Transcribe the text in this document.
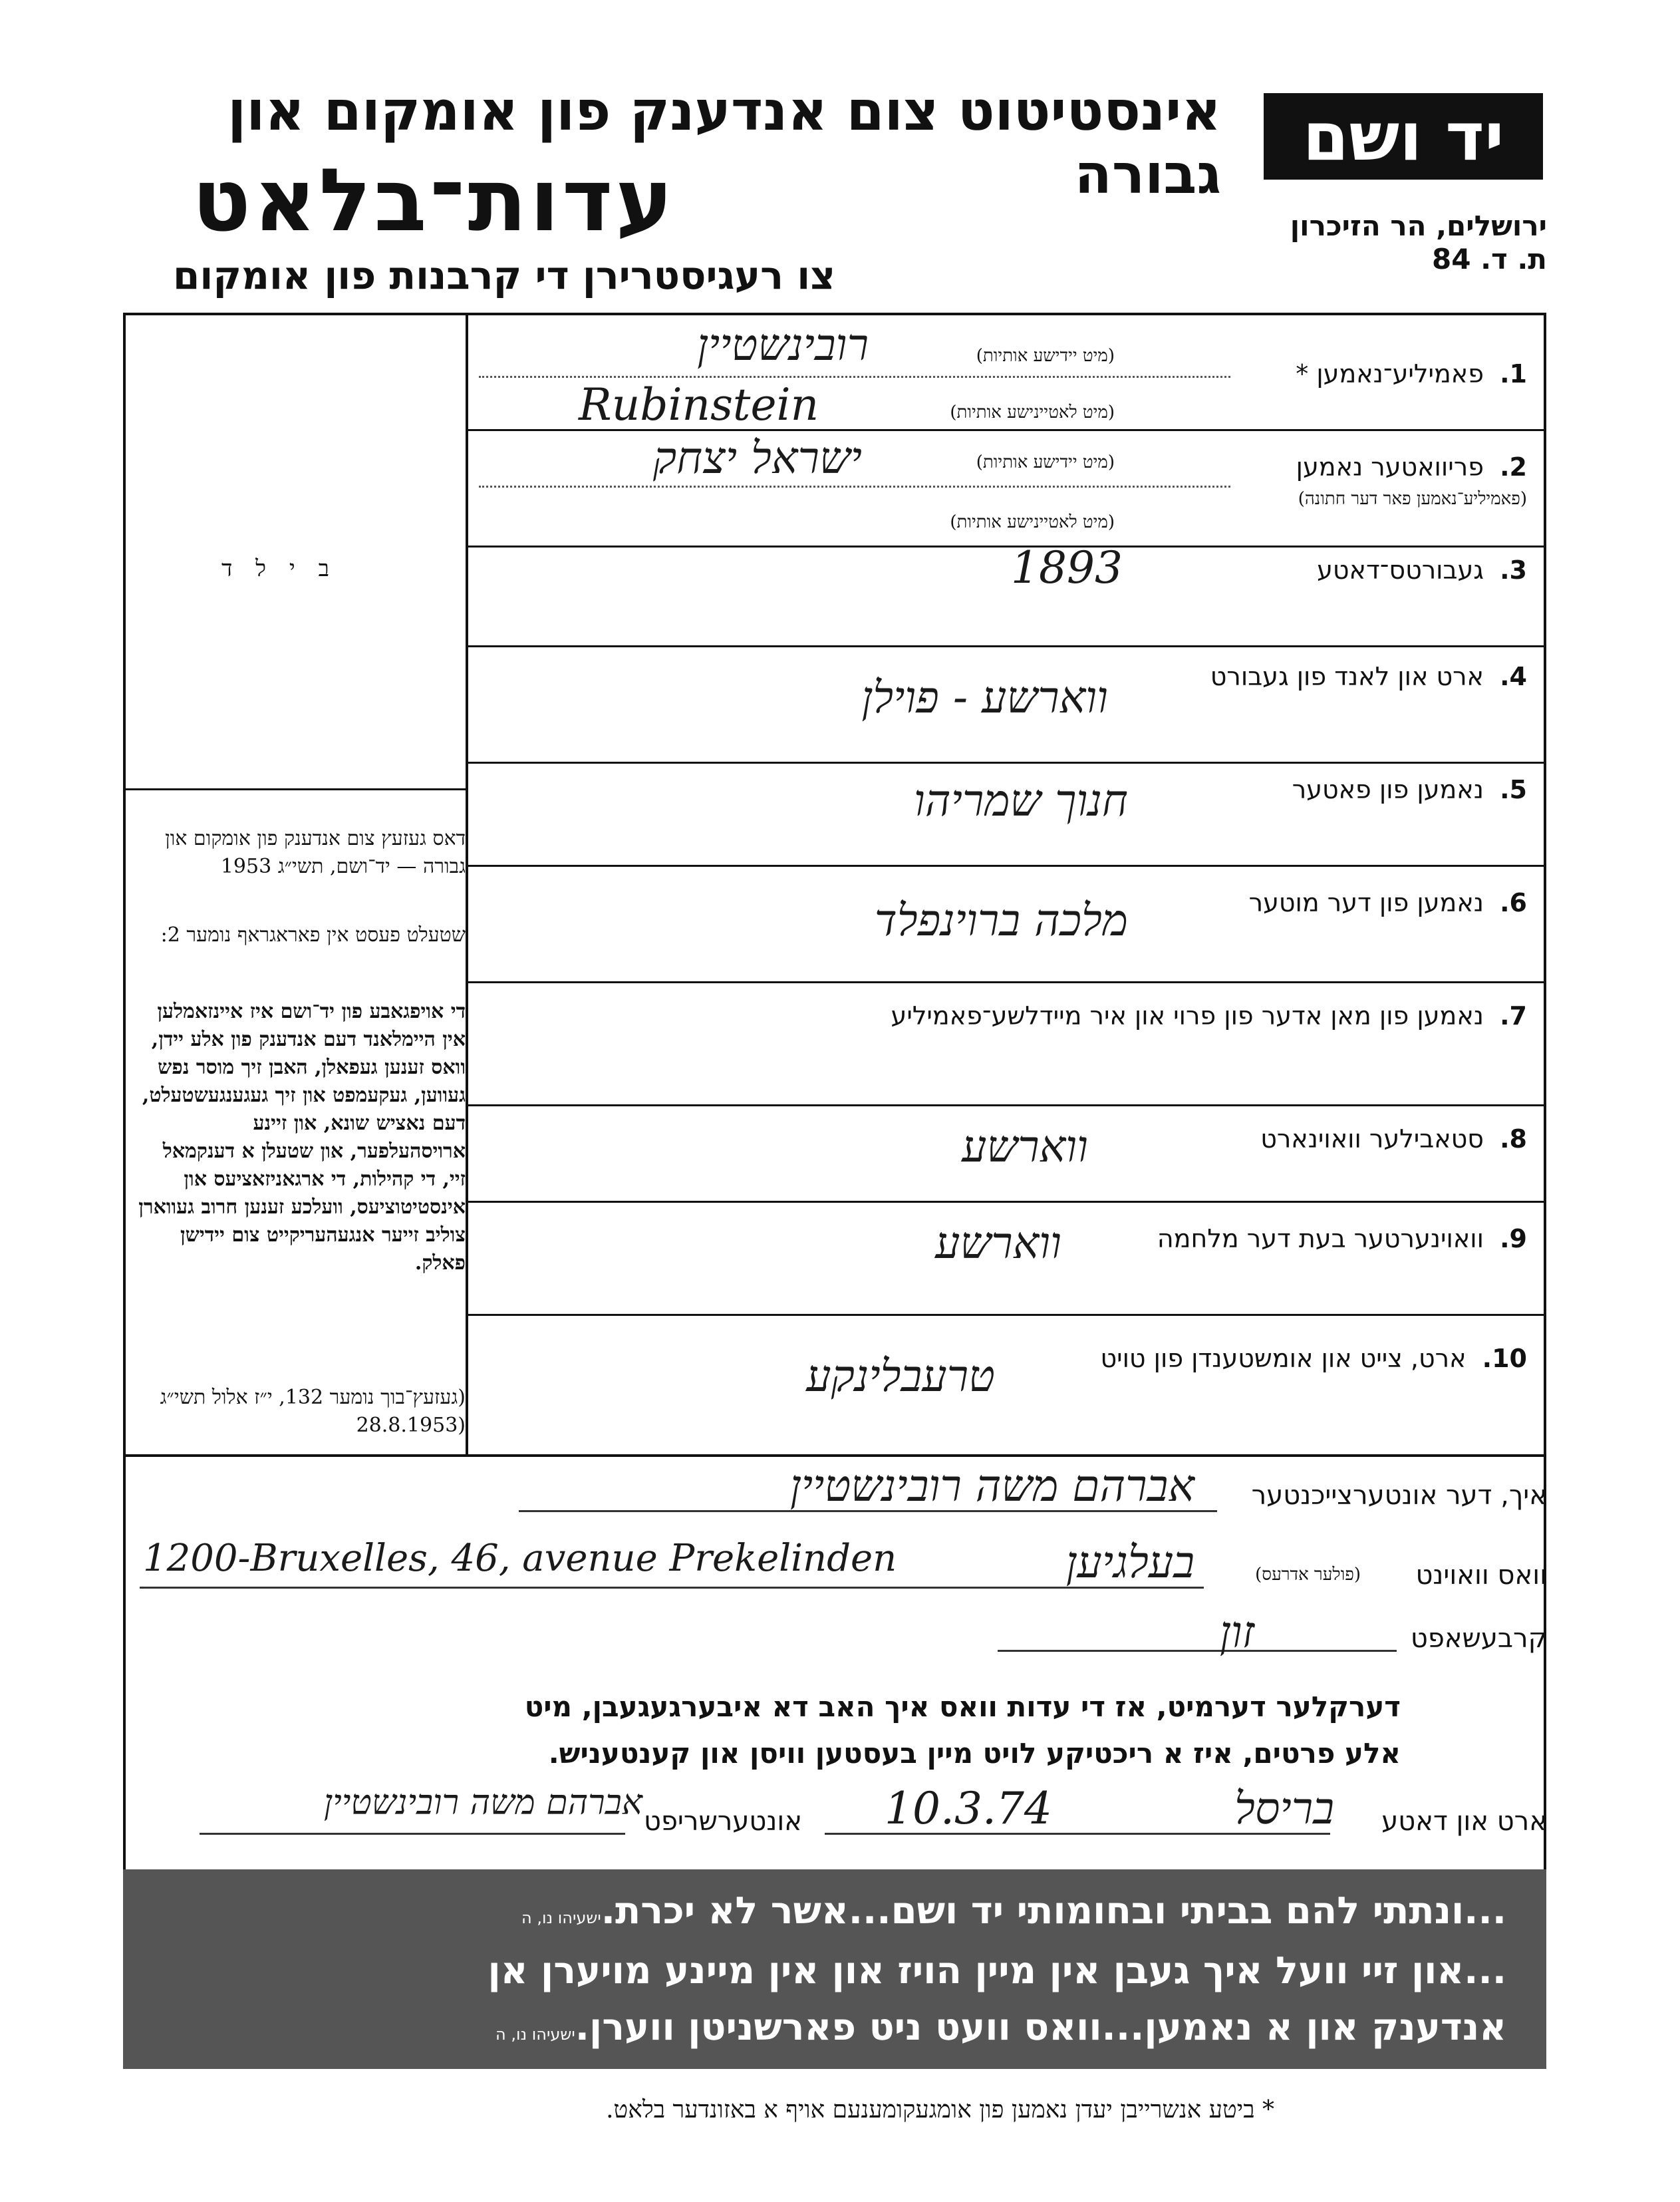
יד ושם
אינסטיטוט צום אנדענק פון אומקום און גבורה
עדות־בלאט
צו רעגיסטרירן די קרבנות פון אומקום
ירושלים, הר הזיכרון
ת. ד. 84
ב י ל ד
דאס געזעץ צום אנדענק פון אומקום און גבורה — יד־ושם, תשי״ג 1953
שטעלט פעסט אין פאראגראף נומער 2:
די אויפגאבע פון יד־ושם איז איינזאמלען אין היימלאנד דעם אנדענק פון אלע יידן, וואס זענען געפאלן, האבן זיך מוסר נפש געווען, געקעמפט און זיך געגענגעשטעלט, דעם נאציש שונא, און זיינע ארויסהעלפער, און שטעלן א דענקמאל זיי, די קהילות, די ארגאניזאציעס און אינסטיטוציעס, וועלכע זענען חרוב געווארן צוליב זייער אנגעהעריקייט צום יידישן פאלק.
(געזעץ־בוך נומער 132, י״ז אלול תשי״ג (28.8.1953
1.  פאמיליע־נאמען *
(מיט יידישע אותיות)
(מיט לאטיינישע אותיות)
רובינשטיין
Rubinstein
2.  פריוואטער נאמען
(פאמיליע־נאמען פאר דער חתונה)
(מיט יידישע אותיות)
(מיט לאטיינישע אותיות)
ישראל יצחק
3.  געבורטס־דאטע
1893
4.  ארט און לאנד פון געבורט
ווארשע - פוילן
5.  נאמען פון פאטער
חנוך שמריהו
6.  נאמען פון דער מוטער
מלכה ברוינפלד
7.  נאמען פון מאן אדער פון פרוי און איר מיידלשע־פאמיליע
8.  סטאבילער וואוינארט
ווארשע
9.  וואוינערטער בעת דער מלחמה
ווארשע
10.  ארט, צייט און אומשטענדן פון טויט
טרעבלינקע
איך, דער אונטערצייכנטער
אברהם משה רובינשטיין
וואס וואוינט
(פולער אדרעס)
בעלגיען
1200-Bruxelles, 46, avenue Prekelinden
קרבעשאפט
זון
דערקלער דערמיט, אז די עדות וואס איך האב דא איבערגעגעבן, מיט
אלע פרטים, איז א ריכטיקע לויט מיין בעסטען וויסן און קענטעניש.
ארט און דאטע
בריסל
10.3.74
אונטערשריפט
אברהם משה רובינשטיין
...ונתתי להם בביתי ובחומותי יד ושם...אשר לא יכרת.ישעיהו נו, ה
...און זיי וועל איך געבן אין מיין הויז און אין מיינע מויערן אן
אנדענק און א נאמען...וואס וועט ניט פארשניטן ווערן.ישעיהו נו, ה
* ביטע אנשרייבן יעדן נאמען פון אומגעקומענעם אויף א באזונדער בלאט.
